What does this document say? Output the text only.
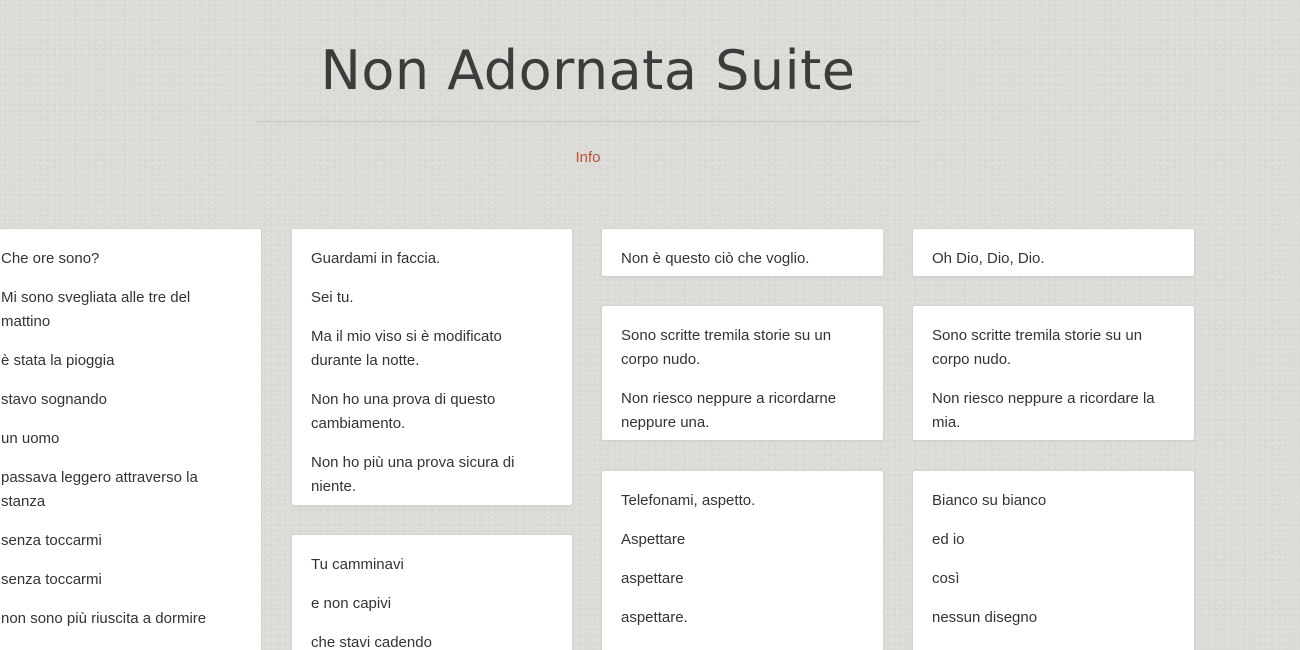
Non Adornata Suite
Info

Che ore sono?

Mi sono svegliata alle tre del mattino

è stata la pioggia

stavo sognando

un uomo

passava leggero attraverso la stanza

senza toccarmi

senza toccarmi

non sono più riuscita a dormire

Guardami in faccia.

Sei tu.

Ma il mio viso si è modificato durante la notte.

Non ho una prova di questo cambiamento.

Non ho più una prova sicura di niente.

Tu camminavi

e non capivi

che stavi cadendo

Non è questo ciò che voglio.

Sono scritte tremila storie su un corpo nudo.

Non riesco neppure a ricordarne neppure una.

Telefonami, aspetto.

Aspettare

aspettare

aspettare.

Oh Dio, Dio, Dio.

Sono scritte tremila storie su un corpo nudo.

Non riesco neppure a ricordare la mia.

Bianco su bianco

ed io

così

nessun disegno
